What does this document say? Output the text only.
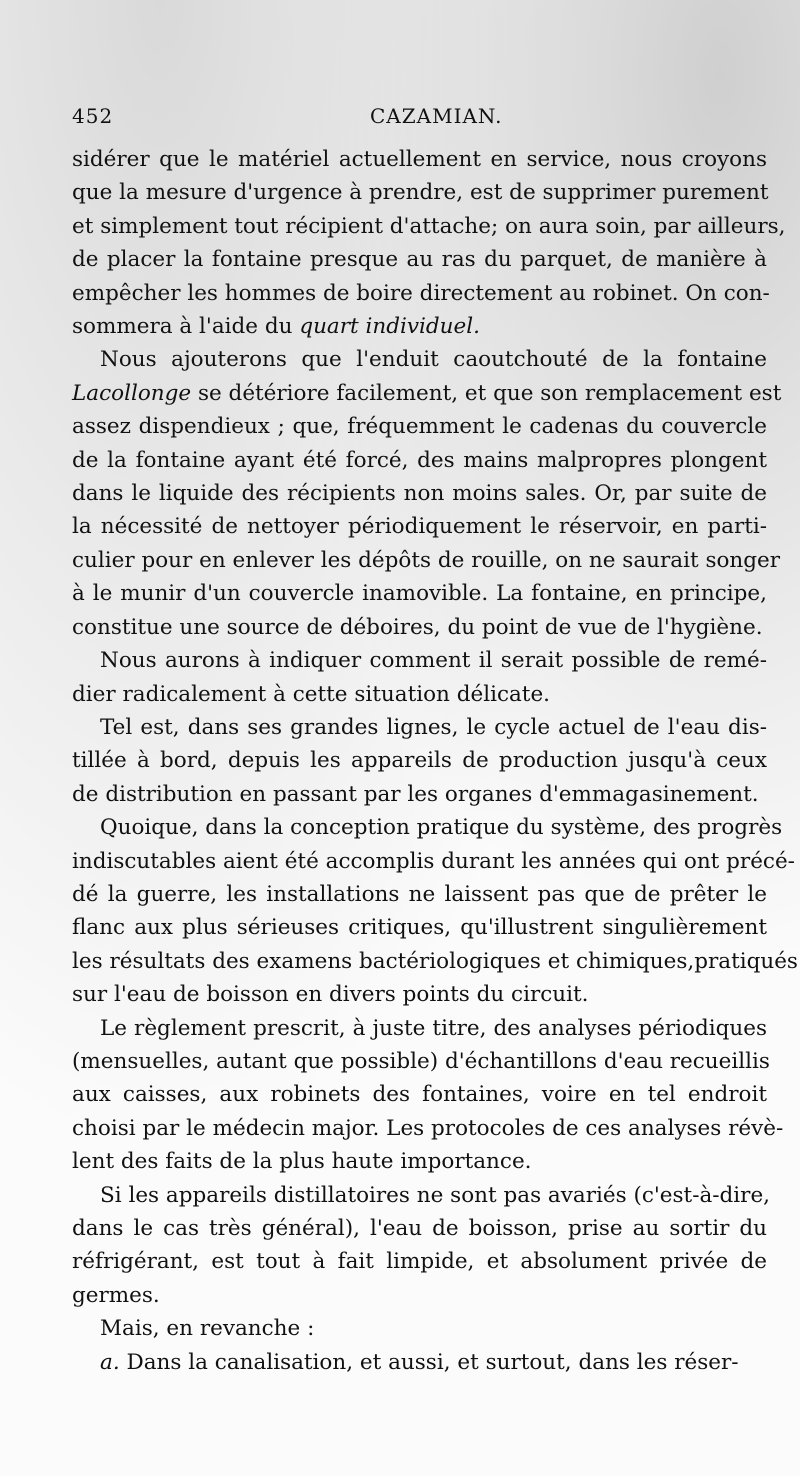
452	CAZAMIAN.
sidérer que le matériel actuellement en service, nous croyons
que la mesure d'urgence à prendre, est de supprimer purement
et simplement tout récipient d'attache; on aura soin, par ailleurs,
de placer la fontaine presque au ras du parquet, de manière à
empêcher les hommes de boire directement au robinet. On con-
sommera à l'aide du quart individuel.
Nous ajouterons que l'enduit caoutchouté de la fontaine
Lacollonge se détériore facilement, et que son remplacement est
assez dispendieux ; que, fréquemment le cadenas du couvercle
de la fontaine ayant été forcé, des mains malpropres plongent
dans le liquide des récipients non moins sales. Or, par suite de
la nécessité de nettoyer périodiquement le réservoir, en parti-
culier pour en enlever les dépôts de rouille, on ne saurait songer
à le munir d'un couvercle inamovible. La fontaine, en principe,
constitue une source de déboires, du point de vue de l'hygiène.
Nous aurons à indiquer comment il serait possible de remé-
dier radicalement à cette situation délicate.
Tel est, dans ses grandes lignes, le cycle actuel de l'eau dis-
tillée à bord, depuis les appareils de production jusqu'à ceux
de distribution en passant par les organes d'emmagasinement.
Quoique, dans la conception pratique du système, des progrès
indiscutables aient été accomplis durant les années qui ont précé-
dé la guerre, les installations ne laissent pas que de prêter le
flanc aux plus sérieuses critiques, qu'illustrent singulièrement
les résultats des examens bactériologiques et chimiques,pratiqués
sur l'eau de boisson en divers points du circuit.
Le règlement prescrit, à juste titre, des analyses périodiques
(mensuelles, autant que possible) d'échantillons d'eau recueillis
aux caisses, aux robinets des fontaines, voire en tel endroit
choisi par le médecin major. Les protocoles de ces analyses révè-
lent des faits de la plus haute importance.
Si les appareils distillatoires ne sont pas avariés (c'est-à-dire,
dans le cas très général), l'eau de boisson, prise au sortir du
réfrigérant, est tout à fait limpide, et absolument privée de
germes.
Mais, en revanche :
a. Dans la canalisation, et aussi, et surtout, dans les réser-
